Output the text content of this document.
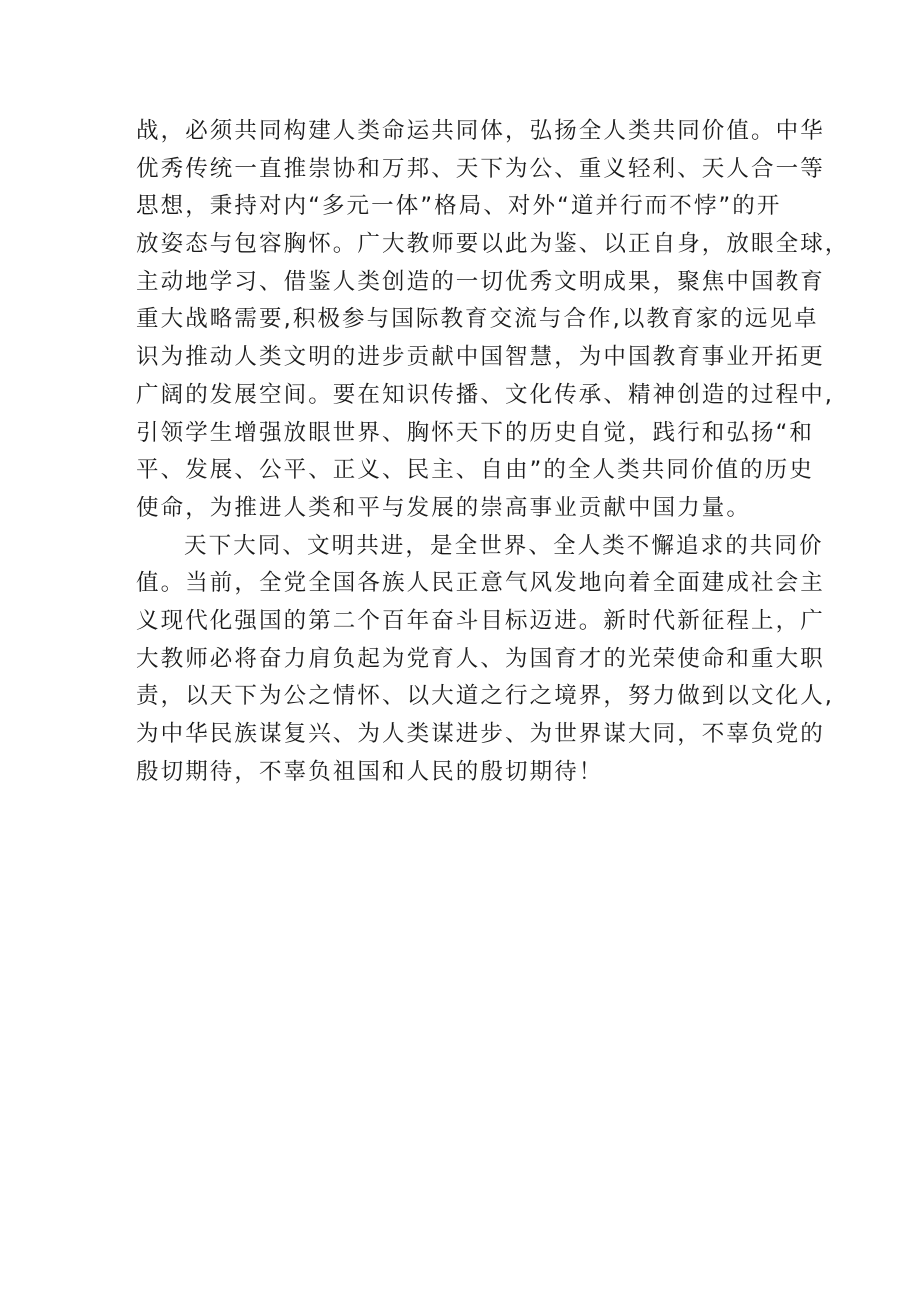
战，必须共同构建人类命运共同体，弘扬全人类共同价值。中华
优秀传统一直推崇协和万邦、天下为公、重义轻利、天人合一等
思想，秉持对内“多元一体”格局、对外“道并行而不悖”的开
放姿态与包容胸怀。广大教师要以此为鉴、以正自身，放眼全球，
主动地学习、借鉴人类创造的一切优秀文明成果，聚焦中国教育
重大战略需要,积极参与国际教育交流与合作,以教育家的远见卓
识为推动人类文明的进步贡献中国智慧，为中国教育事业开拓更
广阔的发展空间。要在知识传播、文化传承、精神创造的过程中,
引领学生增强放眼世界、胸怀天下的历史自觉，践行和弘扬“和
平、发展、公平、正义、民主、自由”的全人类共同价值的历史
使命，为推进人类和平与发展的崇高事业贡献中国力量。
天下大同、文明共进，是全世界、全人类不懈追求的共同价
值。当前，全党全国各族人民正意气风发地向着全面建成社会主
义现代化强国的第二个百年奋斗目标迈进。新时代新征程上，广
大教师必将奋力肩负起为党育人、为国育才的光荣使命和重大职
责，以天下为公之情怀、以大道之行之境界，努力做到以文化人,
为中华民族谋复兴、为人类谋进步、为世界谋大同，不辜负党的
殷切期待，不辜负祖国和人民的殷切期待！
